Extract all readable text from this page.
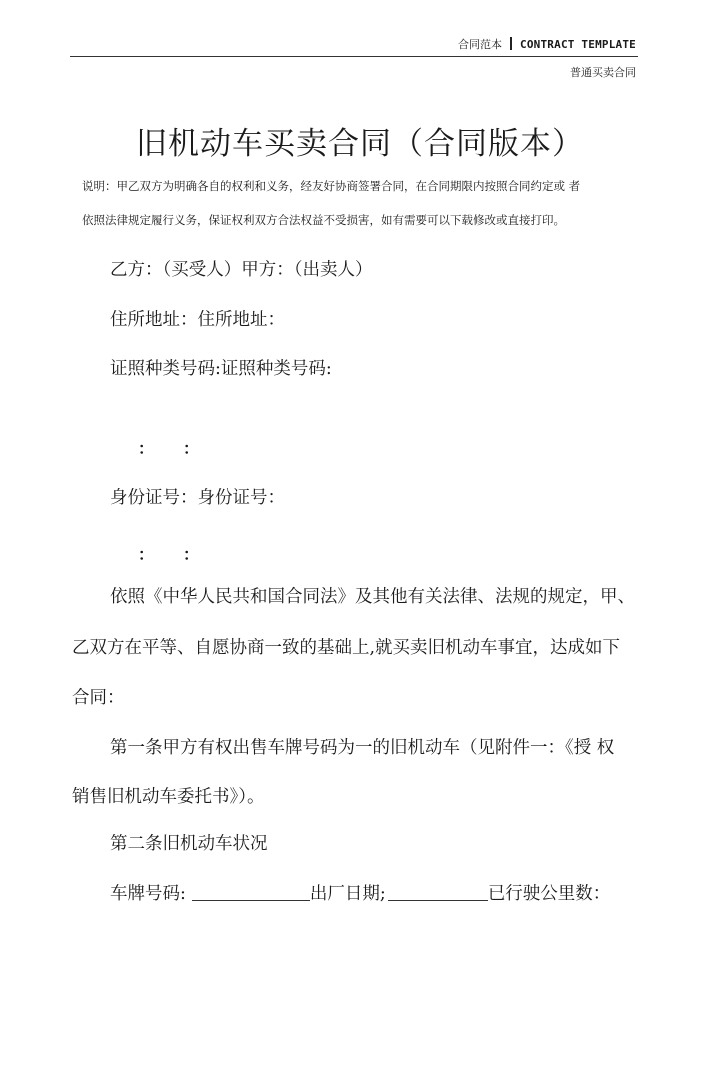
合同范本 CONTRACT TEMPLATE
普通买卖合同
旧机动车买卖合同（合同版本）
说明：甲乙双方为明确各自的权利和义务，经友好协商签署合同，在合同期限内按照合同约定或 者
依照法律规定履行义务，保证权利双方合法权益不受损害，如有需要可以下载修改或直接打印。
乙方：（买受人）甲方：（出卖人）
住所地址：住所地址：
证照种类号码:证照种类号码:
： ：
身份证号：身份证号：
： ：
依照《中华人民共和国合同法》及其他有关法律、法规的规定，甲、
乙双方在平等、自愿协商一致的基础上,就买卖旧机动车事宜，达成如下
合同：
第一条甲方有权出售车牌号码为一的旧机动车（见附件一：《授 权
销售旧机动车委托书》）。
第二条旧机动车状况
车牌号码:	出厂日期;	已行驶公里数：
